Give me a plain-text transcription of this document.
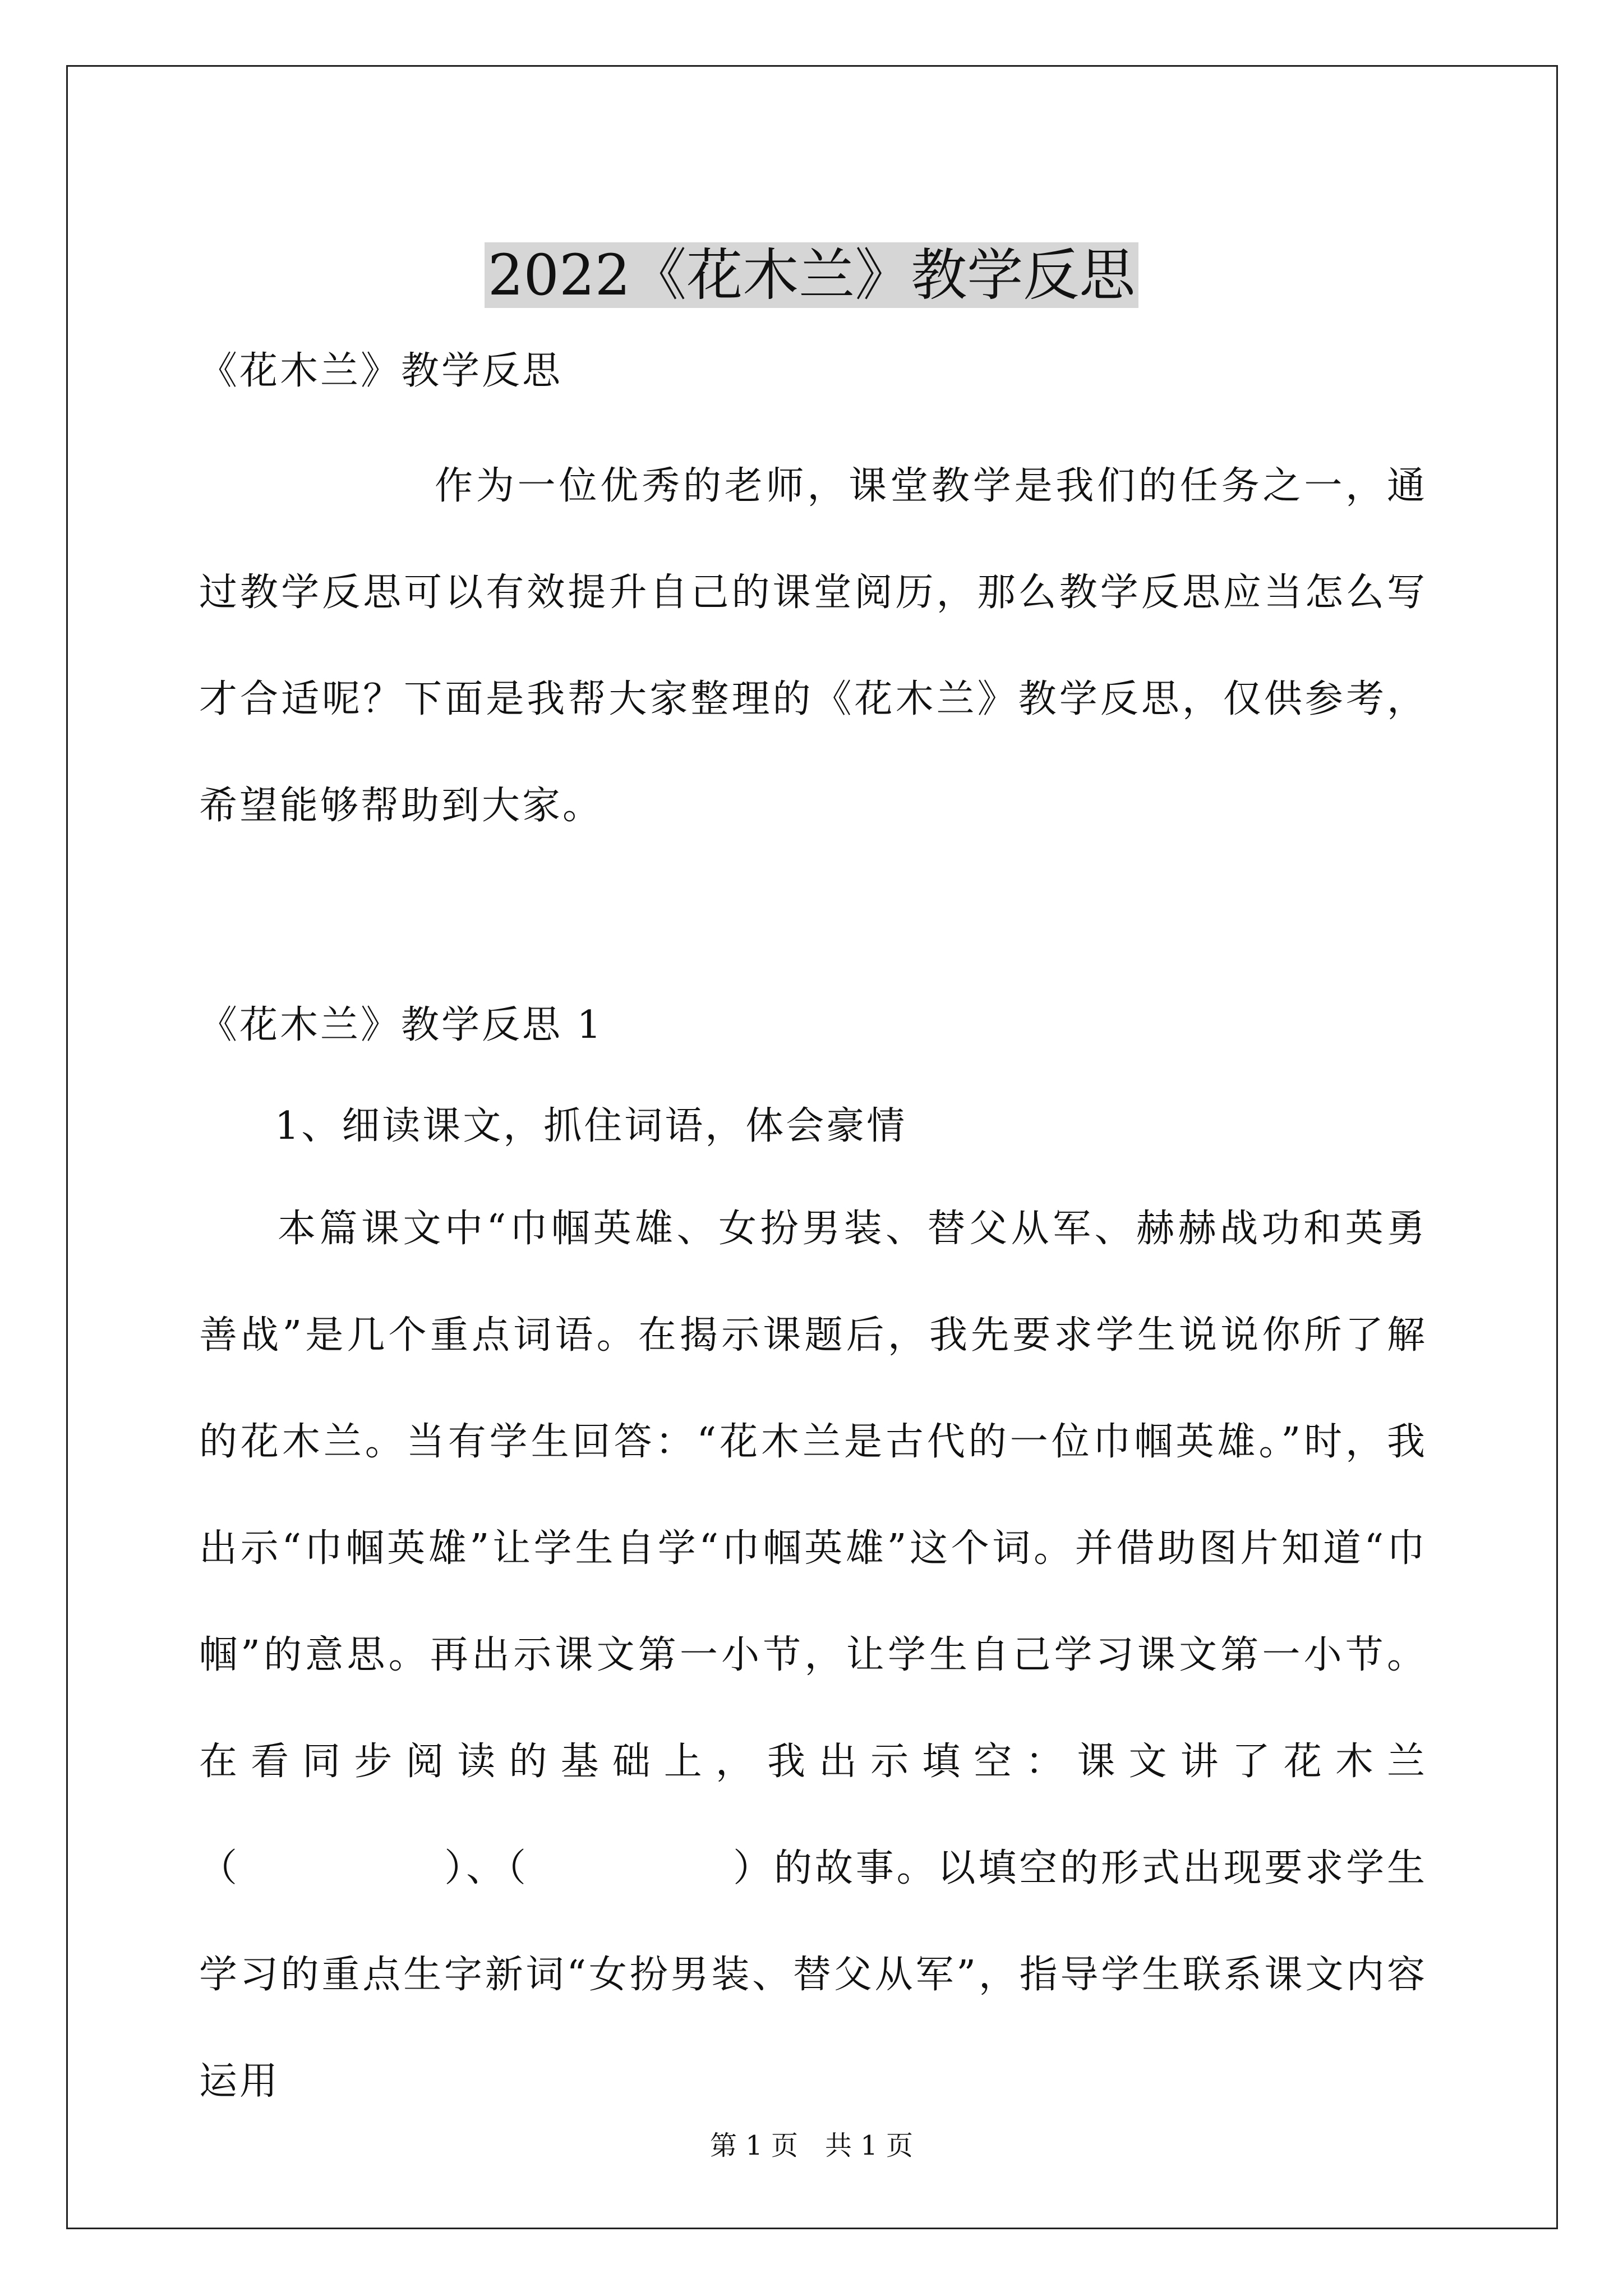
2022《花木兰》教学反思

《花木兰》教学反思

作为一位优秀的老师，课堂教学是我们的任务之一，通过教学反思可以有效提升自己的课堂阅历，那么教学反思应当怎么写才合适呢？下面是我帮大家整理的《花木兰》教学反思，仅供参考，希望能够帮助到大家。

《花木兰》教学反思 1

1、细读课文，抓住词语，体会豪情

本篇课文中“巾帼英雄、女扮男装、替父从军、赫赫战功和英勇善战”是几个重点词语。在揭示课题后，我先要求学生说说你所了解的花木兰。当有学生回答：“花木兰是古代的一位巾帼英雄。”时，我出示“巾帼英雄”让学生自学“巾帼英雄”这个词。并借助图片知道“巾帼”的意思。再出示课文第一小节，让学生自己学习课文第一小节。在看同步阅读的基础上，我出示填空：课文讲了花木兰（　　　　　）、（　　　　　）的故事。以填空的形式出现要求学生学习的重点生字新词“女扮男装、替父从军”，指导学生联系课文内容运用

第 1 页　共 1 页
